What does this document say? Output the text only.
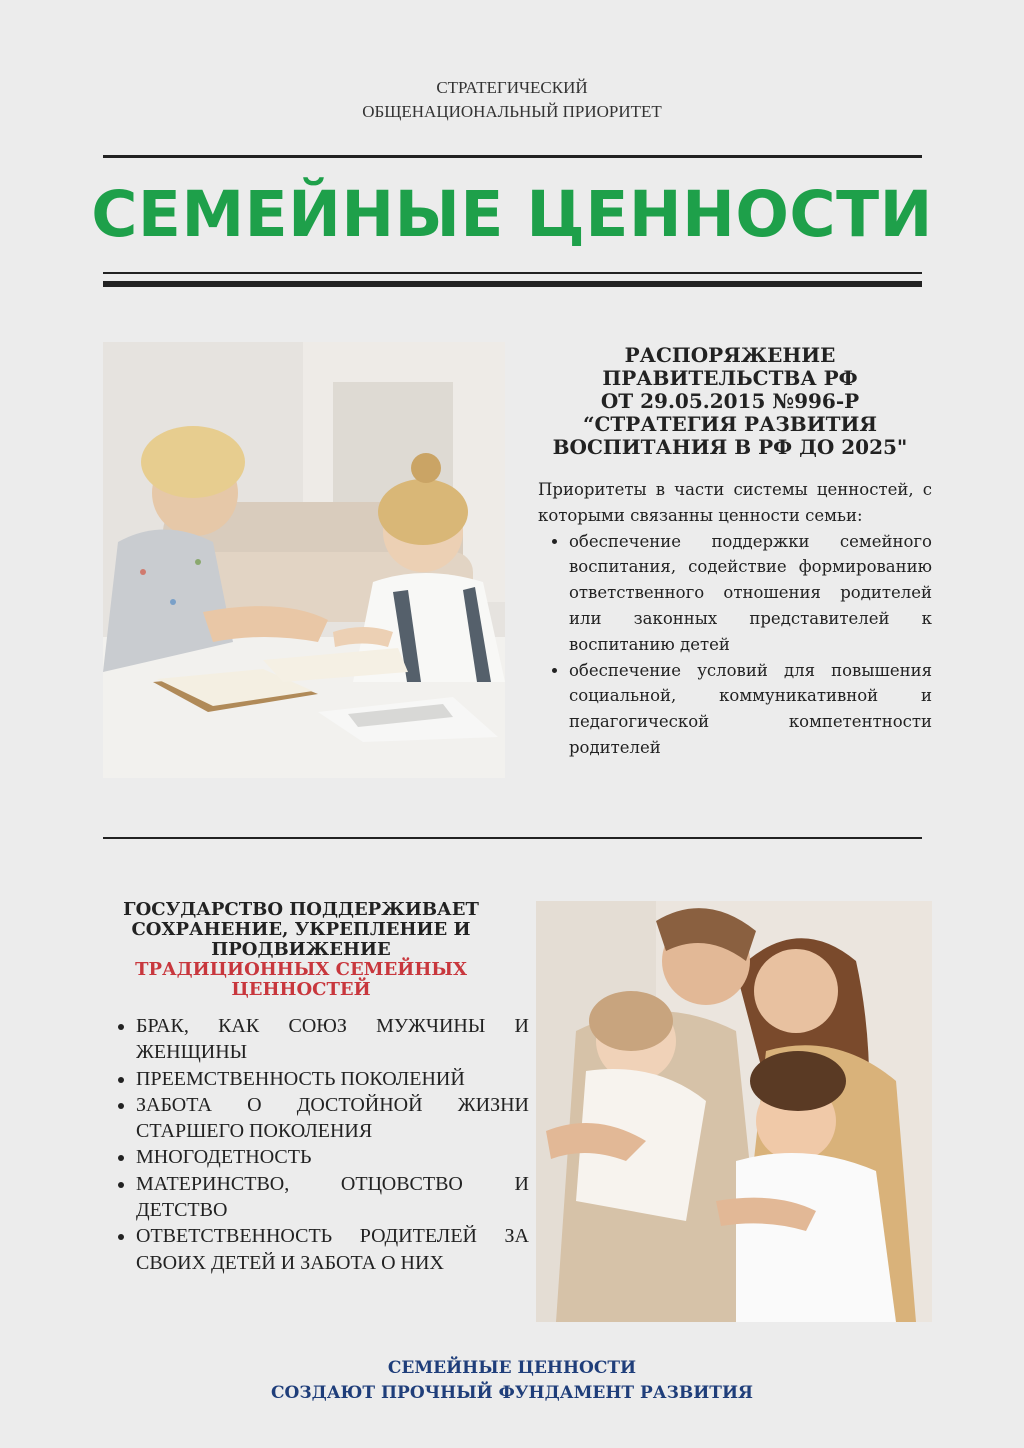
СТРАТЕГИЧЕСКИЙ
ОБЩЕНАЦИОНАЛЬНЫЙ ПРИОРИТЕТ
СЕМЕЙНЫЕ ЦЕННОСТИ
РАСПОРЯЖЕНИЕ
ПРАВИТЕЛЬСТВА РФ
ОТ 29.05.2015 №996-Р
“СТРАТЕГИЯ РАЗВИТИЯ
ВОСПИТАНИЯ В РФ ДО 2025"

Приоритеты в части системы ценностей, с которыми связанны ценности семьи:

• обеспечение поддержки семейного воспитания, содействие формированию ответственного отношения родителей или законных представителей к воспитанию детей
• обеспечение условий для повышения социальной, коммуникативной и педагогической компетентности родителей
ГОСУДАРСТВО ПОДДЕРЖИВАЕТ
СОХРАНЕНИЕ, УКРЕПЛЕНИЕ И
ПРОДВИЖЕНИЕ
ТРАДИЦИОННЫХ СЕМЕЙНЫХ
ЦЕННОСТЕЙ
• БРАК, КАК СОЮЗ МУЖЧИНЫ И ЖЕНЩИНЫ
• ПРЕЕМСТВЕННОСТЬ ПОКОЛЕНИЙ
• ЗАБОТА О ДОСТОЙНОЙ ЖИЗНИ СТАРШЕГО ПОКОЛЕНИЯ
• МНОГОДЕТНОСТЬ
• МАТЕРИНСТВО, ОТЦОВСТВО И ДЕТСТВО
• ОТВЕТСТВЕННОСТЬ РОДИТЕЛЕЙ ЗА СВОИХ ДЕТЕЙ И ЗАБОТА О НИХ
СЕМЕЙНЫЕ ЦЕННОСТИ
СОЗДАЮТ ПРОЧНЫЙ ФУНДАМЕНТ РАЗВИТИЯ
